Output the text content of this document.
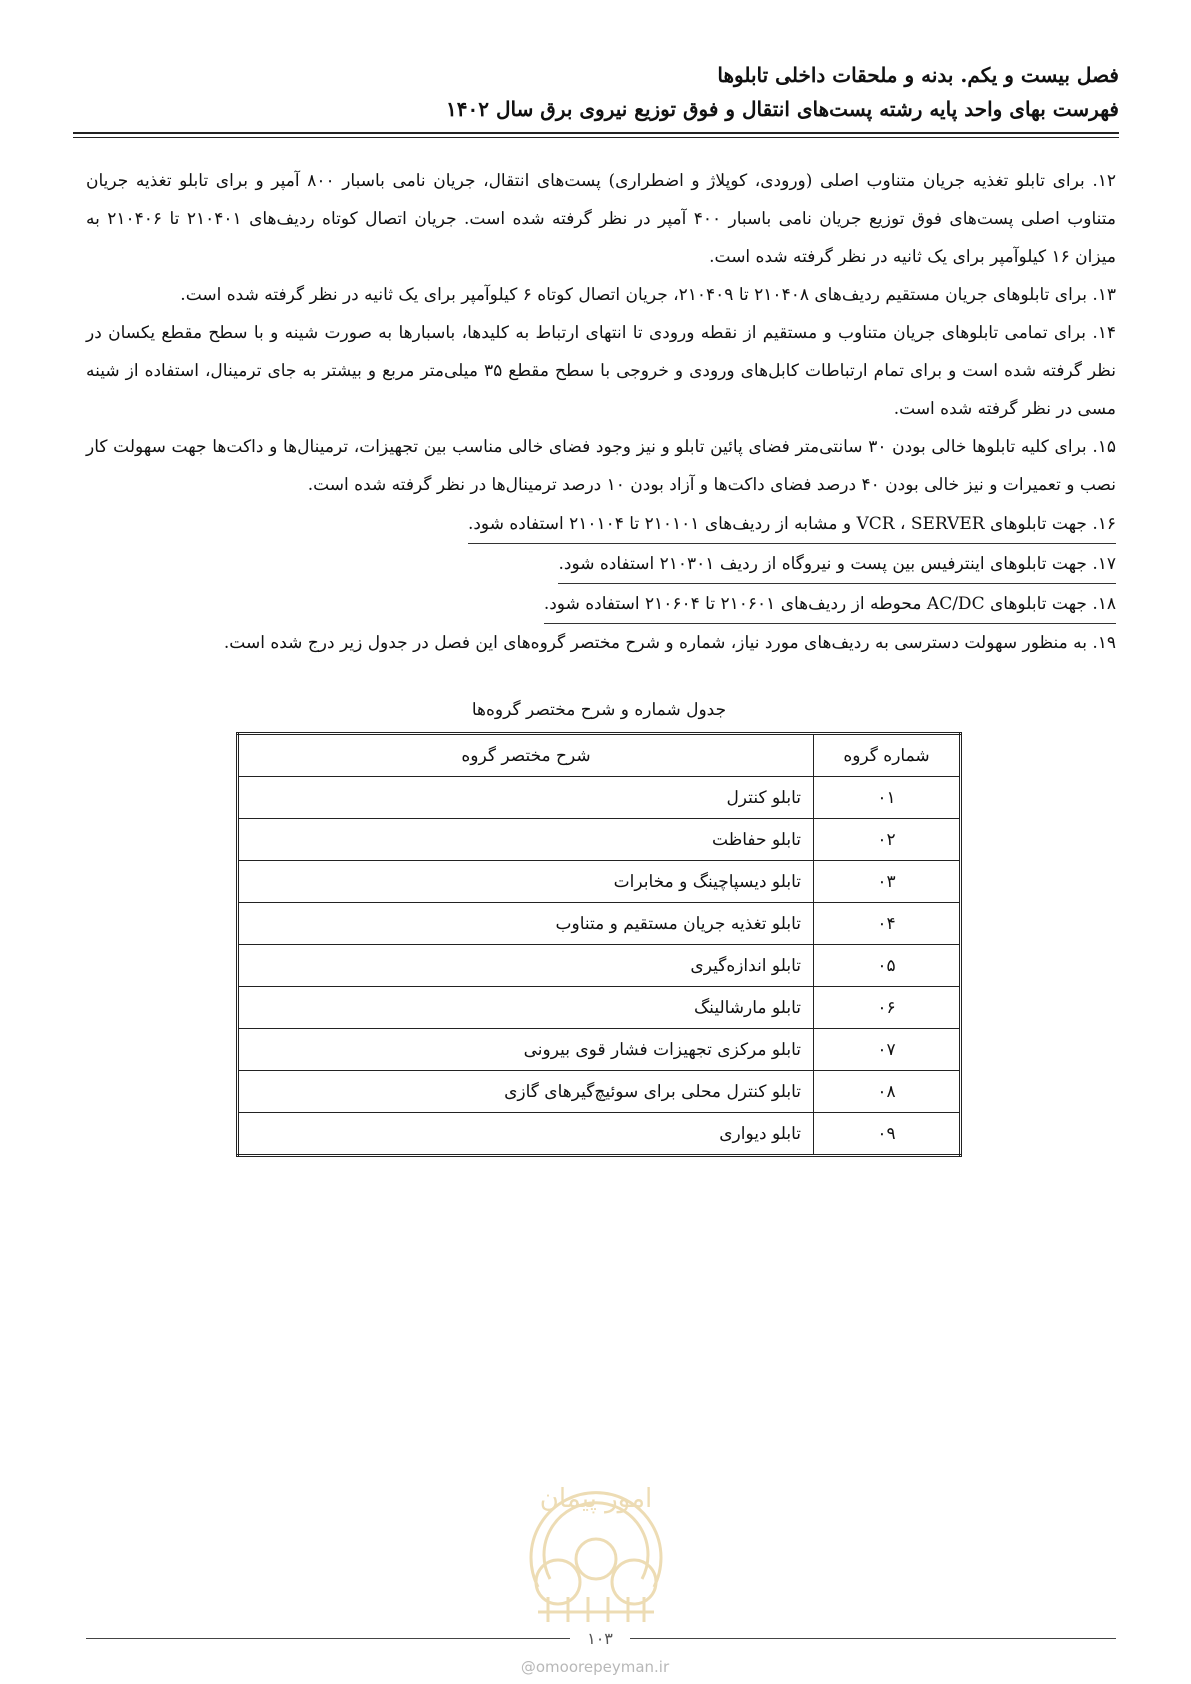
فصل بیست و یکم. بدنه و ملحقات داخلی تابلوها
فهرست بهای واحد پایه رشته پست‌های انتقال و فوق توزیع نیروی برق سال ۱۴۰۲

۱۲. برای تابلو تغذیه جریان متناوب اصلی (ورودی، کوپلاژ و اضطراری) پست‌های انتقال، جریان نامی باسبار ۸۰۰ آمپر و برای تابلو تغذیه جریان متناوب اصلی پست‌های فوق توزیع جریان نامی باسبار ۴۰۰ آمپر در نظر گرفته شده است. جریان اتصال کوتاه ردیف‌های ۲۱۰۴۰۱ تا ۲۱۰۴۰۶ به میزان ۱۶ کیلوآمپر برای یک ثانیه در نظر گرفته شده است.

۱۳. برای تابلوهای جریان مستقیم ردیف‌های ۲۱۰۴۰۸ تا ۲۱۰۴۰۹، جریان اتصال کوتاه ۶ کیلوآمپر برای یک ثانیه در نظر گرفته شده است.

۱۴. برای تمامی تابلوهای جریان متناوب و مستقیم از نقطه ورودی تا انتهای ارتباط به کلیدها، باسبارها به صورت شینه و با سطح مقطع یکسان در نظر گرفته شده است و برای تمام ارتباطات کابل‌های ورودی و خروجی با سطح مقطع ۳۵ میلی‌متر مربع و بیشتر به جای ترمینال، استفاده از شینه مسی در نظر گرفته شده است.

۱۵. برای کلیه تابلوها خالی بودن ۳۰ سانتی‌متر فضای پائین تابلو و نیز وجود فضای خالی مناسب بین تجهیزات، ترمینال‌ها و داکت‌ها جهت سهولت کار نصب و تعمیرات و نیز خالی بودن ۴۰ درصد فضای داکت‌ها و آزاد بودن ۱۰ درصد ترمینال‌ها در نظر گرفته شده است.

۱۶. جهت تابلوهای VCR ، SERVER و مشابه از ردیف‌های ۲۱۰۱۰۱ تا ۲۱۰۱۰۴ استفاده شود.
۱۷. جهت تابلوهای اینترفیس بین پست و نیروگاه از ردیف ۲۱۰۳۰۱ استفاده شود.
۱۸. جهت تابلوهای AC/DC محوطه از ردیف‌های ۲۱۰۶۰۱ تا ۲۱۰۶۰۴ استفاده شود.

۱۹. به منظور سهولت دسترسی به ردیف‌های مورد نیاز، شماره و شرح مختصر گروه‌های این فصل در جدول زیر درج شده است.

جدول شماره و شرح مختصر گروه‌ها
شماره گروه	شرح مختصر گروه
۰۱	تابلو کنترل
۰۲	تابلو حفاظت
۰۳	تابلو دیسپاچینگ و مخابرات
۰۴	تابلو تغذیه جریان مستقیم و متناوب
۰۵	تابلو اندازه‌گیری
۰۶	تابلو مارشالینگ
۰۷	تابلو مرکزی تجهیزات فشار قوی بیرونی
۰۸	تابلو کنترل محلی برای سوئیچ‌گیرهای گازی
۰۹	تابلو دیواری
امور پیمان
۱۰۳
@omoorepeyman.ir
